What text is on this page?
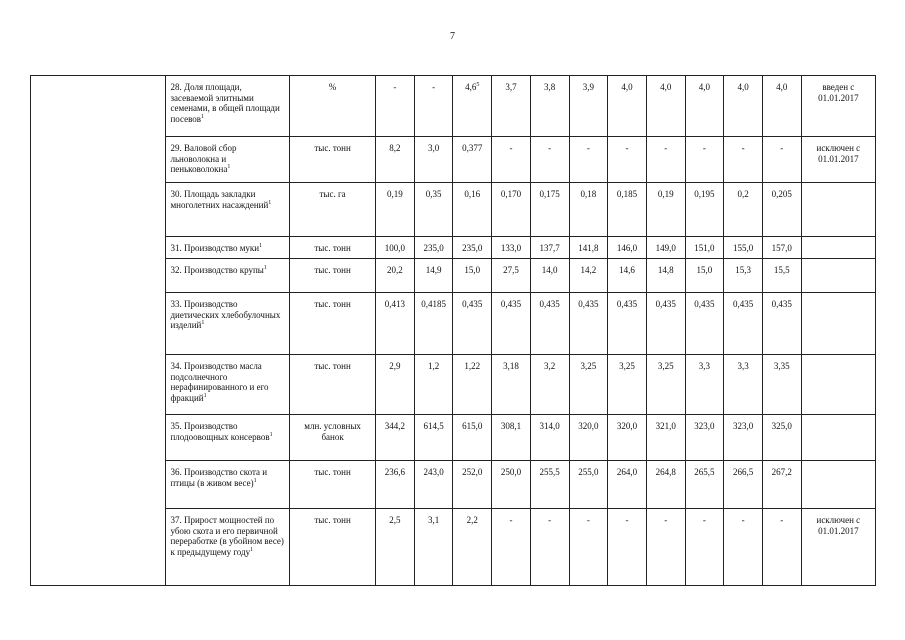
7
	28. Доля площади, засеваемой элитными семенами, в общей площади посевов$^1$	%	-	-	$4,6^5$	3,7	3,8	3,9	4,0	4,0	4,0	4,0	4,0	введен с 01.01.2017
	29. Валовой сбор льноволокна и пеньковолокна$^1$	тыс. тонн	8,2	3,0	0,377	-	-	-	-	-	-	-	-	исключен с 01.01.2017
	30. Площадь закладки многолетних насаждений$^1$	тыс. га	0,19	0,35	0,16	0,170	0,175	0,18	0,185	0,19	0,195	0,2	0,205	
	31. Производство муки$^1$	тыс. тонн	100,0	235,0	235,0	133,0	137,7	141,8	146,0	149,0	151,0	155,0	157,0	
	32. Производство крупы$^1$	тыс. тонн	20,2	14,9	15,0	27,5	14,0	14,2	14,6	14,8	15,0	15,3	15,5	
	33. Производство диетических хлебобулочных изделий$^1$	тыс. тонн	0,413	0,4185	0,435	0,435	0,435	0,435	0,435	0,435	0,435	0,435	0,435	
	34. Производство масла подсолнечного нерафинированного и его фракций$^1$	тыс. тонн	2,9	1,2	1,22	3,18	3,2	3,25	3,25	3,25	3,3	3,3	3,35	
	35. Производство плодоовощных консервов$^1$	млн. условных банок	344,2	614,5	615,0	308,1	314,0	320,0	320,0	321,0	323,0	323,0	325,0	
	36. Производство скота и птицы (в живом весе)$^1$	тыс. тонн	236,6	243,0	252,0	250,0	255,5	255,0	264,0	264,8	265,5	266,5	267,2	
	37. Прирост мощностей по убою скота и его первичной переработке (в убойном весе) к предыдущему году$^1$	тыс. тонн	2,5	3,1	2,2	-	-	-	-	-	-	-	-	исключен с 01.01.2017
